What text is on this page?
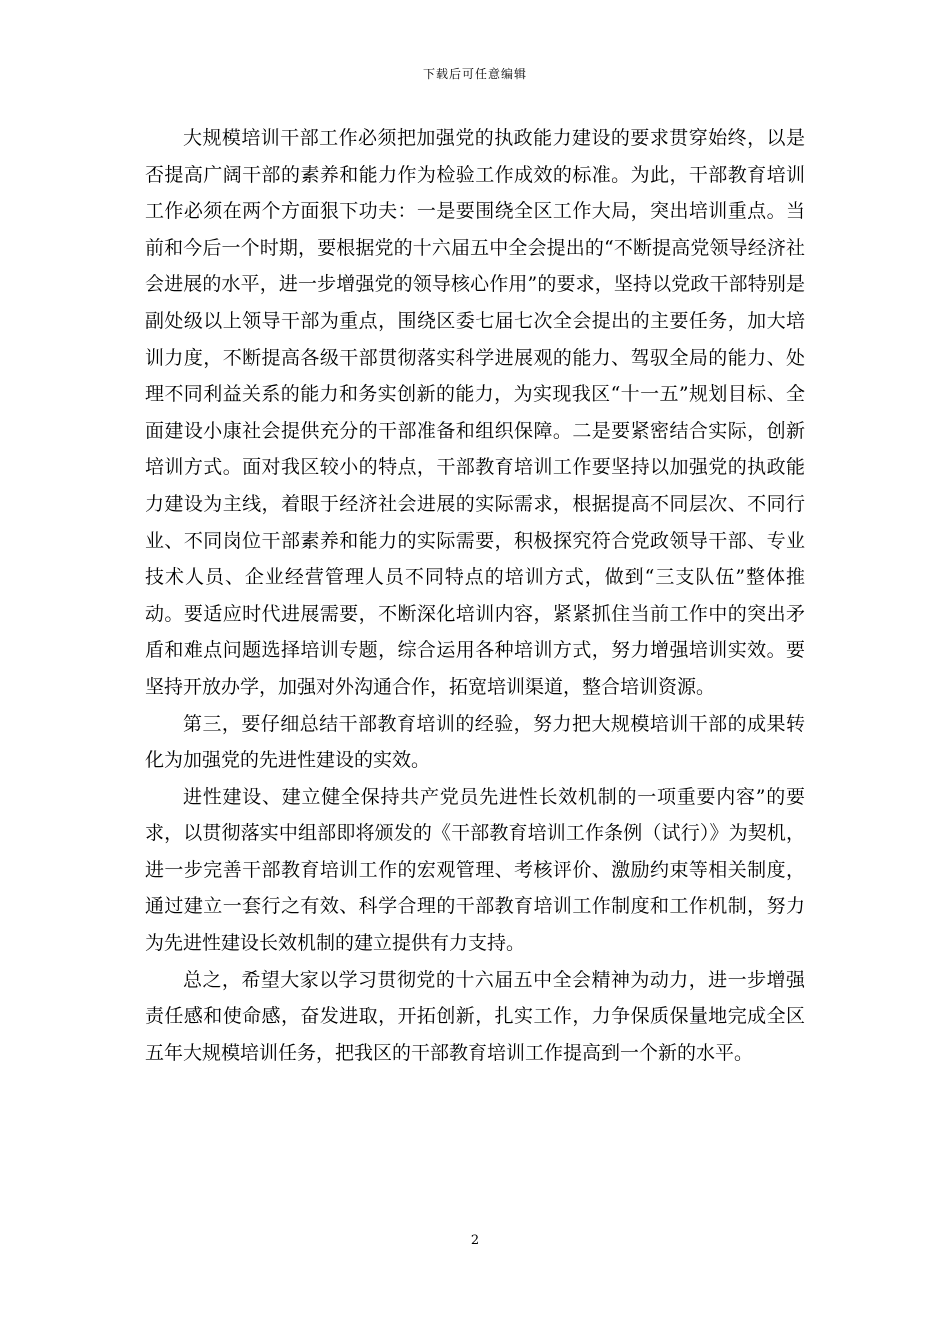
下载后可任意编辑

大规模培训干部工作必须把加强党的执政能力建设的要求贯穿始终，以是否提高广阔干部的素养和能力作为检验工作成效的标准。为此，干部教育培训工作必须在两个方面狠下功夫：一是要围绕全区工作大局，突出培训重点。当前和今后一个时期，要根据党的十六届五中全会提出的“不断提高党领导经济社会进展的水平，进一步增强党的领导核心作用”的要求，坚持以党政干部特别是副处级以上领导干部为重点，围绕区委七届七次全会提出的主要任务，加大培训力度，不断提高各级干部贯彻落实科学进展观的能力、驾驭全局的能力、处理不同利益关系的能力和务实创新的能力，为实现我区“十一五”规划目标、全面建设小康社会提供充分的干部准备和组织保障。二是要紧密结合实际，创新培训方式。面对我区较小的特点，干部教育培训工作要坚持以加强党的执政能力建设为主线，着眼于经济社会进展的实际需求，根据提高不同层次、不同行业、不同岗位干部素养和能力的实际需要，积极探究符合党政领导干部、专业技术人员、企业经营管理人员不同特点的培训方式，做到“三支队伍”整体推动。要适应时代进展需要，不断深化培训内容，紧紧抓住当前工作中的突出矛盾和难点问题选择培训专题，综合运用各种培训方式，努力增强培训实效。要坚持开放办学，加强对外沟通合作，拓宽培训渠道，整合培训资源。

第三，要仔细总结干部教育培训的经验，努力把大规模培训干部的成果转化为加强党的先进性建设的实效。

进性建设、建立健全保持共产党员先进性长效机制的一项重要内容”的要求，以贯彻落实中组部即将颁发的《干部教育培训工作条例（试行）》为契机，进一步完善干部教育培训工作的宏观管理、考核评价、激励约束等相关制度，通过建立一套行之有效、科学合理的干部教育培训工作制度和工作机制，努力为先进性建设长效机制的建立提供有力支持。

总之，希望大家以学习贯彻党的十六届五中全会精神为动力，进一步增强责任感和使命感，奋发进取，开拓创新，扎实工作，力争保质保量地完成全区五年大规模培训任务，把我区的干部教育培训工作提高到一个新的水平。

2
